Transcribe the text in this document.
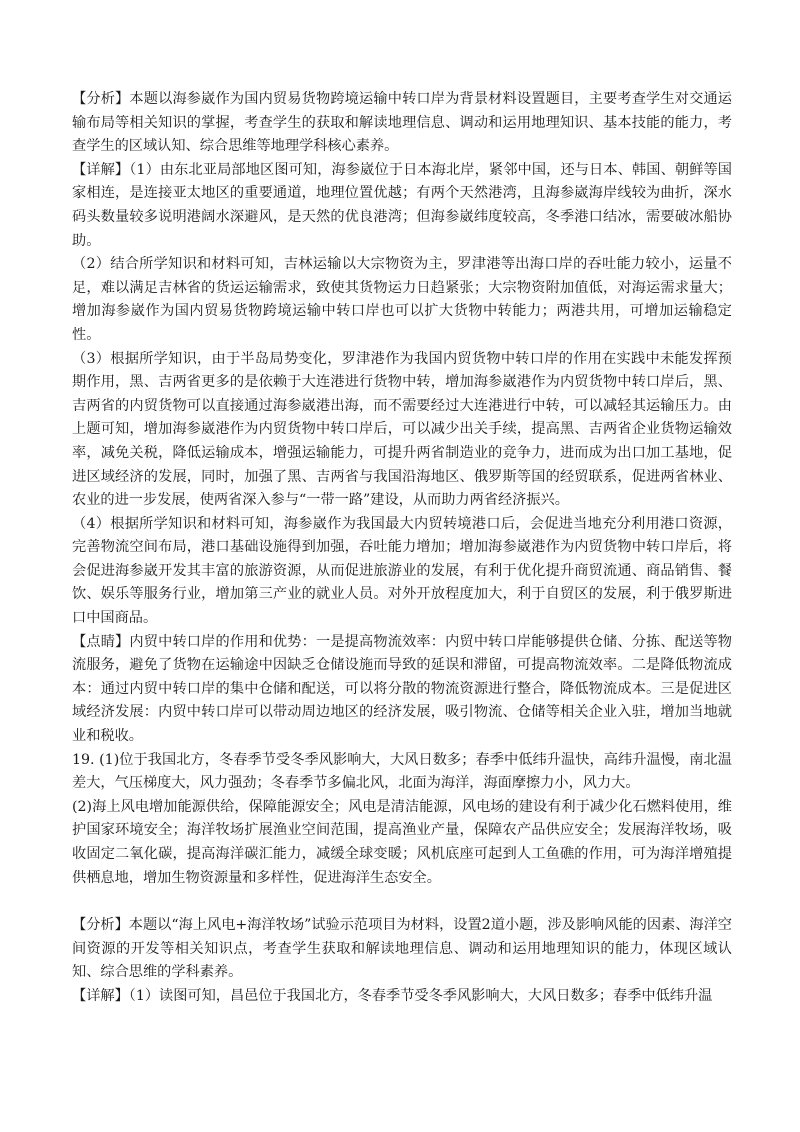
【分析】本题以海参崴作为国内贸易货物跨境运输中转口岸为背景材料设置题目，主要考查学生对交通运输布局等相关知识的掌握，考查学生的获取和解读地理信息、调动和运用地理知识、基本技能的能力，考查学生的区域认知、综合思维等地理学科核心素养。

【详解】（1）由东北亚局部地区图可知，海参崴位于日本海北岸，紧邻中国，还与日本、韩国、朝鲜等国家相连，是连接亚太地区的重要通道，地理位置优越；有两个天然港湾，且海参崴海岸线较为曲折，深水码头数量较多说明港阔水深避风，是天然的优良港湾；但海参崴纬度较高，冬季港口结冰，需要破冰船协助。

（2）结合所学知识和材料可知，吉林运输以大宗物资为主，罗津港等出海口岸的吞吐能力较小，运量不足，难以满足吉林省的货运运输需求，致使其货物运力日趋紧张；大宗物资附加值低，对海运需求量大；增加海参崴作为国内贸易货物跨境运输中转口岸也可以扩大货物中转能力；两港共用，可增加运输稳定性。

（3）根据所学知识，由于半岛局势变化，罗津港作为我国内贸货物中转口岸的作用在实践中未能发挥预期作用，黑、吉两省更多的是依赖于大连港进行货物中转，增加海参崴港作为内贸货物中转口岸后，黑、吉两省的内贸货物可以直接通过海参崴港出海，而不需要经过大连港进行中转，可以减轻其运输压力。由上题可知，增加海参崴港作为内贸货物中转口岸后，可以减少出关手续，提高黑、吉两省企业货物运输效率，减免关税，降低运输成本，增强运输能力，可提升两省制造业的竞争力，进而成为出口加工基地，促进区域经济的发展，同时，加强了黑、吉两省与我国沿海地区、俄罗斯等国的经贸联系，促进两省林业、农业的进一步发展，使两省深入参与“一带一路”建设，从而助力两省经济振兴。

（4）根据所学知识和材料可知，海参崴作为我国最大内贸转境港口后，会促进当地充分利用港口资源，完善物流空间布局，港口基础设施得到加强，吞吐能力增加；增加海参崴港作为内贸货物中转口岸后，将会促进海参崴开发其丰富的旅游资源，从而促进旅游业的发展，有利于优化提升商贸流通、商品销售、餐饮、娱乐等服务行业，增加第三产业的就业人员。对外开放程度加大，利于自贸区的发展，利于俄罗斯进口中国商品。

【点睛】内贸中转口岸的作用和优势：一是提高物流效率：内贸中转口岸能够提供仓储、分拣、配送等物流服务，避免了货物在运输途中因缺乏仓储设施而导致的延误和滞留，可提高物流效率。二是降低物流成本：通过内贸中转口岸的集中仓储和配送，可以将分散的物流资源进行整合，降低物流成本。三是促进区域经济发展：内贸中转口岸可以带动周边地区的经济发展，吸引物流、仓储等相关企业入驻，增加当地就业和税收。

19. (1)位于我国北方，冬春季节受冬季风影响大，大风日数多；春季中低纬升温快，高纬升温慢，南北温差大，气压梯度大，风力强劲；冬春季节多偏北风，北面为海洋，海面摩擦力小，风力大。

(2)海上风电增加能源供给，保障能源安全；风电是清洁能源，风电场的建设有利于减少化石燃料使用，维护国家环境安全；海洋牧场扩展渔业空间范围，提高渔业产量，保障农产品供应安全；发展海洋牧场，吸收固定二氧化碳，提高海洋碳汇能力，减缓全球变暖；风机底座可起到人工鱼礁的作用，可为海洋增殖提供栖息地，增加生物资源量和多样性，促进海洋生态安全。

【分析】本题以“海上风电+海洋牧场”试验示范项目为材料，设置2道小题，涉及影响风能的因素、海洋空间资源的开发等相关知识点，考查学生获取和解读地理信息、调动和运用地理知识的能力，体现区域认知、综合思维的学科素养。

【详解】（1）读图可知，昌邑位于我国北方，冬春季节受冬季风影响大，大风日数多；春季中低纬升温
